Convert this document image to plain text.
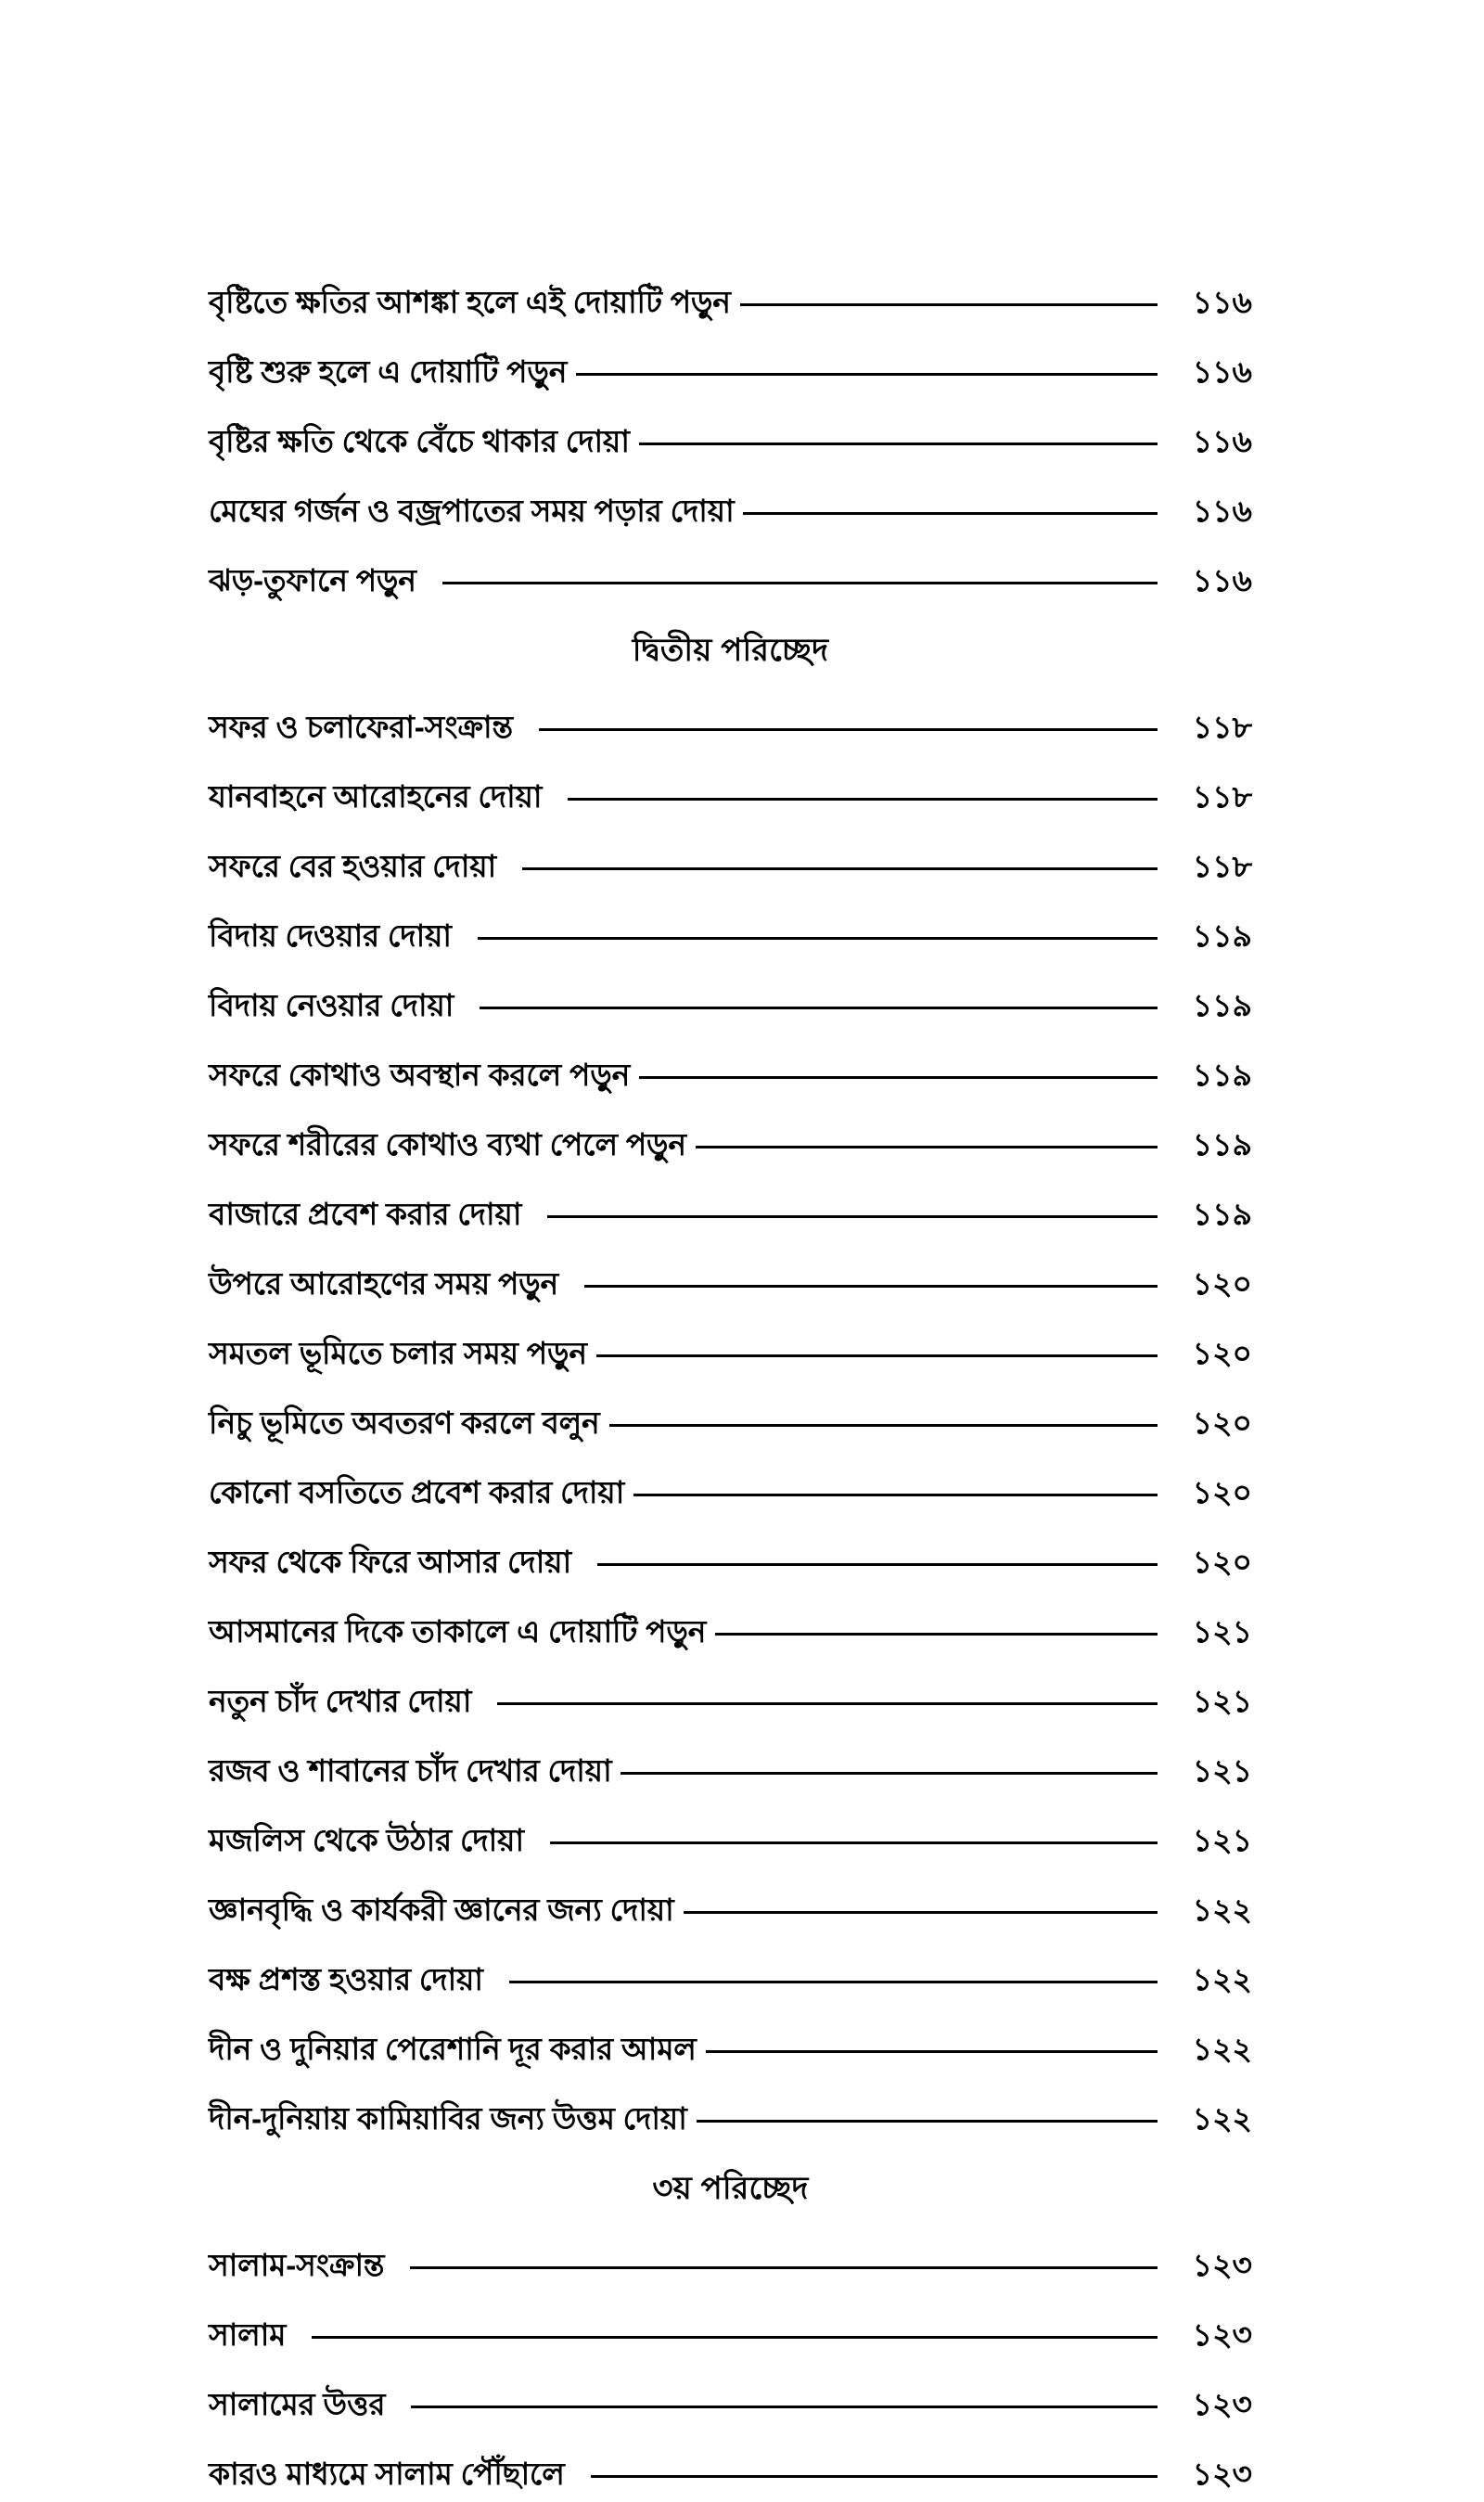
বৃষ্টিতে ক্ষতির আশঙ্কা হলে এই দোয়াটি পড়ুন	১১৬
বৃষ্টি শুরু হলে এ দোয়াটি পড়ুন	১১৬
বৃষ্টির ক্ষতি থেকে বেঁচে থাকার দোয়া	১১৬
মেঘের গর্জন ও বজ্রপাতের সময় পড়ার দোয়া	১১৬
ঝড়-তুফানে পড়ুন	১১৬
দ্বিতীয় পরিচ্ছেদ
সফর ও চলাফেরা-সংক্রান্ত	১১৮
যানবাহনে আরোহনের দোয়া	১১৮
সফরে বের হওয়ার দোয়া	১১৮
বিদায় দেওয়ার দোয়া	১১৯
বিদায় নেওয়ার দোয়া	১১৯
সফরে কোথাও অবস্থান করলে পড়ুন	১১৯
সফরে শরীরের কোথাও ব্যথা পেলে পড়ুন	১১৯
বাজারে প্রবেশ করার দোয়া	১১৯
উপরে আরোহণের সময় পড়ুন	১২০
সমতল ভূমিতে চলার সময় পড়ুন	১২০
নিচু ভূমিতে অবতরণ করলে বলুন	১২০
কোনো বসতিতে প্রবেশ করার দোয়া	১২০
সফর থেকে ফিরে আসার দোয়া	১২০
আসমানের দিকে তাকালে এ দোয়াটি পড়ুন	১২১
নতুন চাঁদ দেখার দোয়া	১২১
রজব ও শাবানের চাঁদ দেখার দোয়া	১২১
মজলিস থেকে উঠার দোয়া	১২১
জ্ঞানবৃদ্ধি ও কার্যকরী জ্ঞানের জন্য দোয়া	১২২
বক্ষ প্রশস্ত হওয়ার দোয়া	১২২
দীন ও দুনিয়ার পেরেশানি দূর করার আমল	১২২
দীন-দুনিয়ায় কামিয়াবির জন্য উত্তম দোয়া	১২২
৩য় পরিচ্ছেদ
সালাম-সংক্রান্ত	১২৩
সালাম	১২৩
সালামের উত্তর	১২৩
কারও মাধ্যমে সালাম পৌঁছালে	১২৩
